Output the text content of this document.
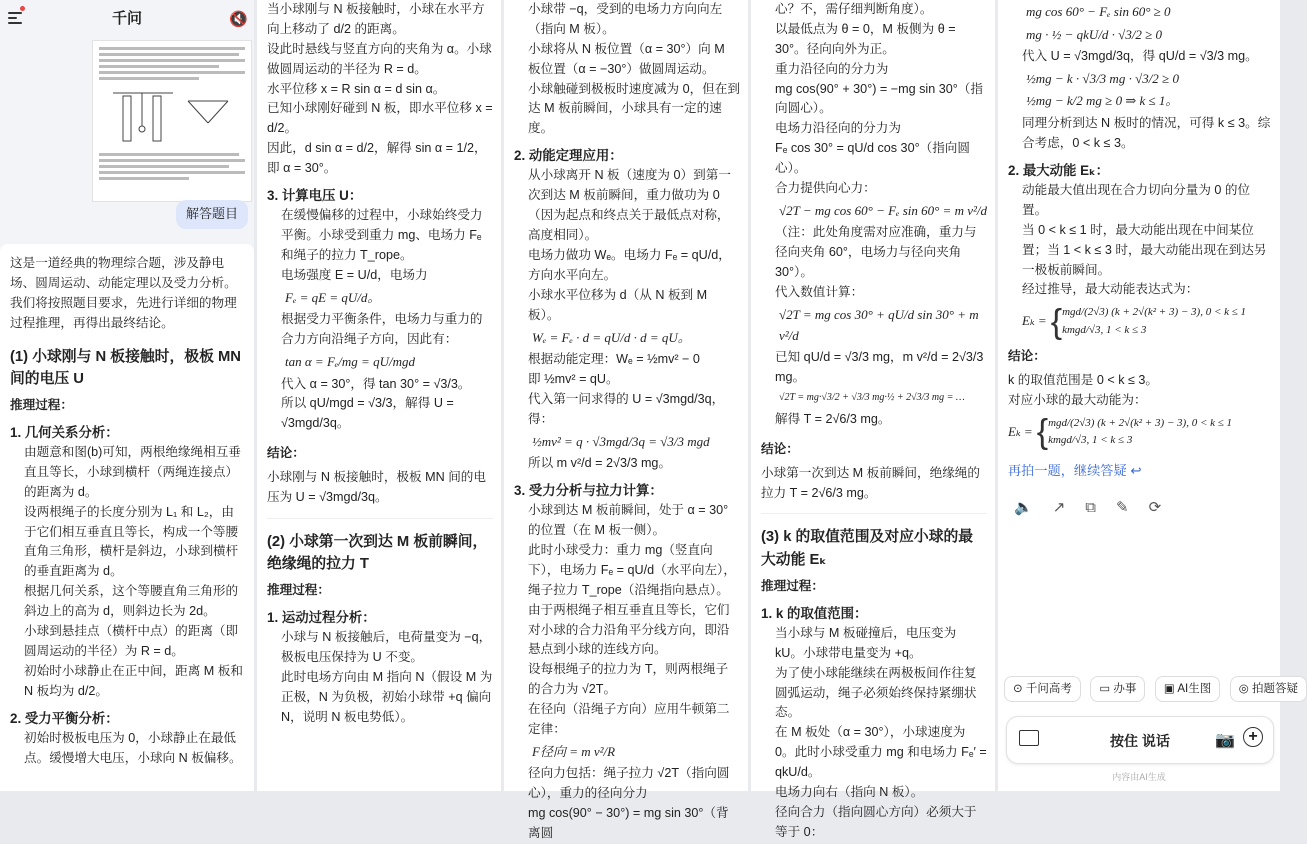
千问	🔇
解答题目

这是一道经典的物理综合题，涉及静电场、圆周运动、动能定理以及受力分析。我们将按照题目要求，先进行详细的物理过程推理，再得出最终结论。

(1) 小球刚与 N 板接触时，极板 MN 间的电压 U
推理过程：
1. 几何关系分析：

由题意和图(b)可知，两根绝缘绳相互垂直且等长，小球到横杆（两绳连接点）的距离为 d。

设两根绳子的长度分别为 L₁ 和 L₂，由于它们相互垂直且等长，构成一个等腰直角三角形，横杆是斜边，小球到横杆的垂直距离为 d。

根据几何关系，这个等腰直角三角形的斜边上的高为 d，则斜边长为 2d。

小球到悬挂点（横杆中点）的距离（即圆周运动的半径）为 R = d。

初始时小球静止在正中间，距离 M 板和 N 板均为 d/2。

2. 受力平衡分析：

初始时极板电压为 0，小球静止在最低点。缓慢增大电压，小球向 N 板偏移。

当小球刚与 N 板接触时，小球在水平方向上移动了 d/2 的距离。

设此时悬线与竖直方向的夹角为 α。小球做圆周运动的半径为 R = d。

水平位移 x = R sin α = d sin α。

已知小球刚好碰到 N 板，即水平位移 x = d/2。

因此，d sin α = d/2，解得 sin α = 1/2，即 α = 30°。

3. 计算电压 U：

在缓慢偏移的过程中，小球始终受力平衡。小球受到重力 mg、电场力 Fₑ 和绳子的拉力 T_rope。

电场强度 E = U/d，电场力

Fₑ = qE = qU/d。

根据受力平衡条件，电场力与重力的合力方向沿绳子方向，因此有：

tan α = Fₑ/mg = qU/mgd

代入 α = 30°，得 tan 30° = √3/3。

所以 qU/mgd = √3/3，解得 U = √3mgd/3q。

结论：

小球刚与 N 板接触时，极板 MN 间的电压为 U = √3mgd/3q。

(2) 小球第一次到达 M 板前瞬间，绝缘绳的拉力 T
推理过程：
1. 运动过程分析：

小球与 N 板接触后，电荷量变为 −q，极板电压保持为 U 不变。

此时电场方向由 M 指向 N（假设 M 为正极，N 为负极，初始小球带 +q 偏向 N，说明 N 板电势低）。

小球带 −q，受到的电场力方向向左（指向 M 板）。

小球将从 N 板位置（α = 30°）向 M 板位置（α = −30°）做圆周运动。

小球触碰到极板时速度减为 0，但在到达 M 板前瞬间，小球具有一定的速度。

2. 动能定理应用：

从小球离开 N 板（速度为 0）到第一次到达 M 板前瞬间，重力做功为 0（因为起点和终点关于最低点对称，高度相同）。

电场力做功 Wₑ。电场力 Fₑ = qU/d，方向水平向左。

小球水平位移为 d（从 N 板到 M 板）。

Wₑ = Fₑ · d = qU/d · d = qU。

根据动能定理：Wₑ = ½mv² − 0

即 ½mv² = qU。

代入第一问求得的 U = √3mgd/3q，得：

½mv² = q · √3mgd/3q = √3/3 mgd

所以 m v²/d = 2√3/3 mg。

3. 受力分析与拉力计算：

小球到达 M 板前瞬间，处于 α = 30° 的位置（在 M 板一侧）。

此时小球受力：重力 mg（竖直向下），电场力 Fₑ = qU/d（水平向左），绳子拉力 T_rope（沿绳指向悬点）。

由于两根绳子相互垂直且等长，它们对小球的合力沿角平分线方向，即沿悬点到小球的连线方向。

设每根绳子的拉力为 T，则两根绳子的合力为 √2T。

在径向（沿绳子方向）应用牛顿第二定律：

F径向 = m v²/R

径向力包括：绳子拉力 √2T（指向圆心），重力的径向分力

mg cos(90° − 30°) = mg sin 30°（背离圆

心？不，需仔细判断角度）。

以最低点为 θ = 0，M 板侧为 θ = 30°。径向向外为正。

重力沿径向的分力为

mg cos(90° + 30°) = −mg sin 30°（指向圆心）。

电场力沿径向的分力为

Fₑ cos 30° = qU/d cos 30°（指向圆心）。

合力提供向心力：

√2T − mg cos 60° − Fₑ sin 60° = m v²/d

（注：此处角度需对应准确，重力与径向夹角 60°，电场力与径向夹角 30°）。

代入数值计算：

√2T = mg cos 30° + qU/d sin 30° + m v²/d

已知 qU/d = √3/3 mg，m v²/d = 2√3/3 mg。

√2T = mg·√3/2 + √3/3 mg·½ + 2√3/3 mg = …

解得 T = 2√6/3 mg。

结论：

小球第一次到达 M 板前瞬间，绝缘绳的拉力 T = 2√6/3 mg。

(3) k 的取值范围及对应小球的最大动能 Eₖ
推理过程：
1. k 的取值范围：

当小球与 M 板碰撞后，电压变为 kU。小球带电量变为 +q。

为了使小球能继续在两极板间作往复圆弧运动，绳子必须始终保持紧绷状态。

在 M 板处（α = 30°），小球速度为 0。此时小球受重力 mg 和电场力 Fₑ′ = qkU/d。

电场力向右（指向 N 板）。

径向合力（指向圆心方向）必须大于等于 0：

mg cos 60° − Fₑ sin 60° ≥ 0

mg · ½ − qkU/d · √3/2 ≥ 0

代入 U = √3mgd/3q，得 qU/d = √3/3 mg。

½mg − k · √3/3 mg · √3/2 ≥ 0

½mg − k/2 mg ≥ 0 ⇒ k ≤ 1。

同理分析到达 N 板时的情况，可得 k ≤ 3。综合考虑，0 < k ≤ 3。

2. 最大动能 Eₖ：

动能最大值出现在合力切向分量为 0 的位置。

当 0 < k ≤ 1 时，最大动能出现在中间某位置；当 1 < k ≤ 3 时，最大动能出现在到达另一极板前瞬间。

经过推导，最大动能表达式为：

Eₖ = { mgd/(2√3) (k + 2√(k² + 3) − 3), 0 < k ≤ 1

kmgd/√3, 1 < k ≤ 3

结论：

k 的取值范围是 0 < k ≤ 3。

对应小球的最大动能为：

Eₖ = { mgd/(2√3) (k + 2√(k² + 3) − 3), 0 < k ≤ 1

kmgd/√3, 1 < k ≤ 3

再拍一题，继续答疑 ↩
🔈 ↗ ⧉ ✎ ⟳
⊙ 千问高考 ▭ 办事 ▣ AI生图 ◎ 拍题答疑
按住 说话	📷 +
内容由AI生成
